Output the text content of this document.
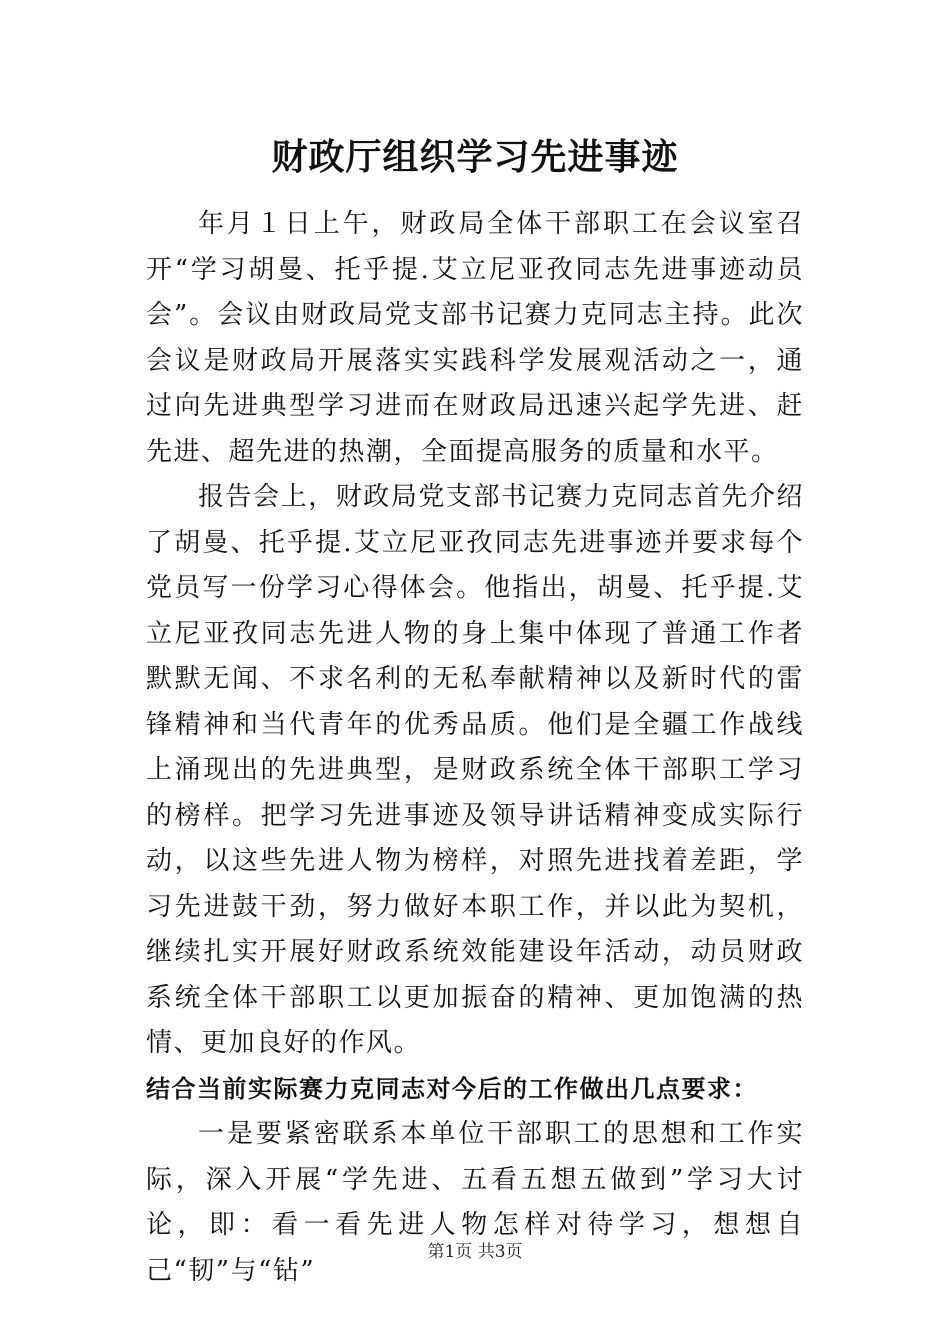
财政厅组织学习先进事迹

年月１日上午，财政局全体干部职工在会议室召开“学习胡曼、托乎提.艾立尼亚孜同志先进事迹动员会”。会议由财政局党支部书记赛力克同志主持。此次会议是财政局开展落实实践科学发展观活动之一，通过向先进典型学习进而在财政局迅速兴起学先进、赶先进、超先进的热潮，全面提高服务的质量和水平。

报告会上，财政局党支部书记赛力克同志首先介绍了胡曼、托乎提.艾立尼亚孜同志先进事迹并要求每个党员写一份学习心得体会。他指出，胡曼、托乎提.艾立尼亚孜同志先进人物的身上集中体现了普通工作者默默无闻、不求名利的无私奉献精神以及新时代的雷锋精神和当代青年的优秀品质。他们是全疆工作战线上涌现出的先进典型，是财政系统全体干部职工学习的榜样。把学习先进事迹及领导讲话精神变成实际行动，以这些先进人物为榜样，对照先进找着差距，学习先进鼓干劲，努力做好本职工作，并以此为契机，继续扎实开展好财政系统效能建设年活动，动员财政系统全体干部职工以更加振奋的精神、更加饱满的热情、更加良好的作风。

结合当前实际赛力克同志对今后的工作做出几点要求：

一是要紧密联系本单位干部职工的思想和工作实际，深入开展“学先进、五看五想五做到”学习大讨论，即：看一看先进人物怎样对待学习，想想自己“韧”与“钻”

第1页 共3页
